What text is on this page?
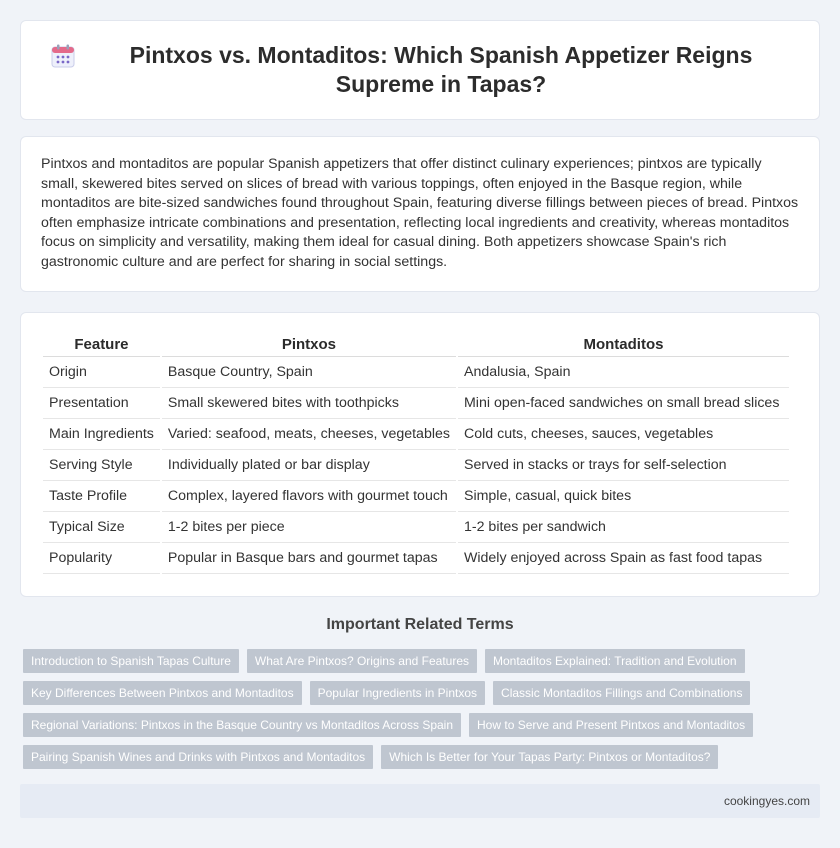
Pintxos vs. Montaditos: Which Spanish Appetizer Reigns Supreme in Tapas?

Pintxos and montaditos are popular Spanish appetizers that offer distinct culinary experiences; pintxos are typically small, skewered bites served on slices of bread with various toppings, often enjoyed in the Basque region, while montaditos are bite-sized sandwiches found throughout Spain, featuring diverse fillings between pieces of bread. Pintxos often emphasize intricate combinations and presentation, reflecting local ingredients and creativity, whereas montaditos focus on simplicity and versatility, making them ideal for casual dining. Both appetizers showcase Spain's rich gastronomic culture and are perfect for sharing in social settings.

Feature	Pintxos	Montaditos
Origin	Basque Country, Spain	Andalusia, Spain
Presentation	Small skewered bites with toothpicks	Mini open-faced sandwiches on small bread slices
Main Ingredients	Varied: seafood, meats, cheeses, vegetables	Cold cuts, cheeses, sauces, vegetables
Serving Style	Individually plated or bar display	Served in stacks or trays for self-selection
Taste Profile	Complex, layered flavors with gourmet touch	Simple, casual, quick bites
Typical Size	1-2 bites per piece	1-2 bites per sandwich
Popularity	Popular in Basque bars and gourmet tapas	Widely enjoyed across Spain as fast food tapas
Important Related Terms
Introduction to Spanish Tapas Culture	What Are Pintxos? Origins and Features	Montaditos Explained: Tradition and Evolution
Key Differences Between Pintxos and Montaditos	Popular Ingredients in Pintxos	Classic Montaditos Fillings and Combinations
Regional Variations: Pintxos in the Basque Country vs Montaditos Across Spain	How to Serve and Present Pintxos and Montaditos
Pairing Spanish Wines and Drinks with Pintxos and Montaditos	Which Is Better for Your Tapas Party: Pintxos or Montaditos?
cookingyes.com
